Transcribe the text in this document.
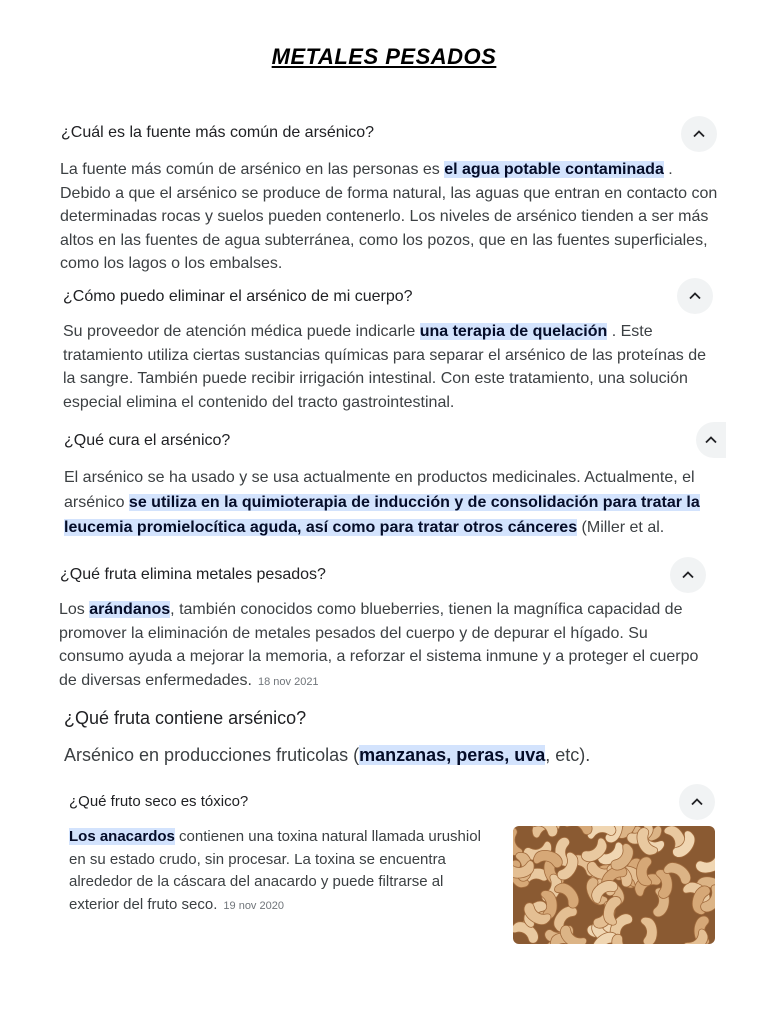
METALES PESADOS

¿Cuál es la fuente más común de arsénico?

La fuente más común de arsénico en las personas es el agua potable contaminada . Debido a que el arsénico se produce de forma natural, las aguas que entran en contacto con determinadas rocas y suelos pueden contenerlo. Los niveles de arsénico tienden a ser más altos en las fuentes de agua subterránea, como los pozos, que en las fuentes superficiales, como los lagos o los embalses.

¿Cómo puedo eliminar el arsénico de mi cuerpo?

Su proveedor de atención médica puede indicarle una terapia de quelación . Este tratamiento utiliza ciertas sustancias químicas para separar el arsénico de las proteínas de la sangre. También puede recibir irrigación intestinal. Con este tratamiento, una solución especial elimina el contenido del tracto gastrointestinal.

¿Qué cura el arsénico?

El arsénico se ha usado y se usa actualmente en productos medicinales. Actualmente, el arsénico se utiliza en la quimioterapia de inducción y de consolidación para tratar la leucemia promielocítica aguda, así como para tratar otros cánceres (Miller et al.

¿Qué fruta elimina metales pesados?

Los arándanos, también conocidos como blueberries, tienen la magnífica capacidad de promover la eliminación de metales pesados del cuerpo y de depurar el hígado. Su consumo ayuda a mejorar la memoria, a reforzar el sistema inmune y a proteger el cuerpo de diversas enfermedades. 18 nov 2021

¿Qué fruta contiene arsénico?

Arsénico en producciones fruticolas (manzanas, peras, uva, etc).

¿Qué fruto seco es tóxico?

Los anacardos contienen una toxina natural llamada urushiol en su estado crudo, sin procesar. La toxina se encuentra alrededor de la cáscara del anacardo y puede filtrarse al exterior del fruto seco. 19 nov 2020
